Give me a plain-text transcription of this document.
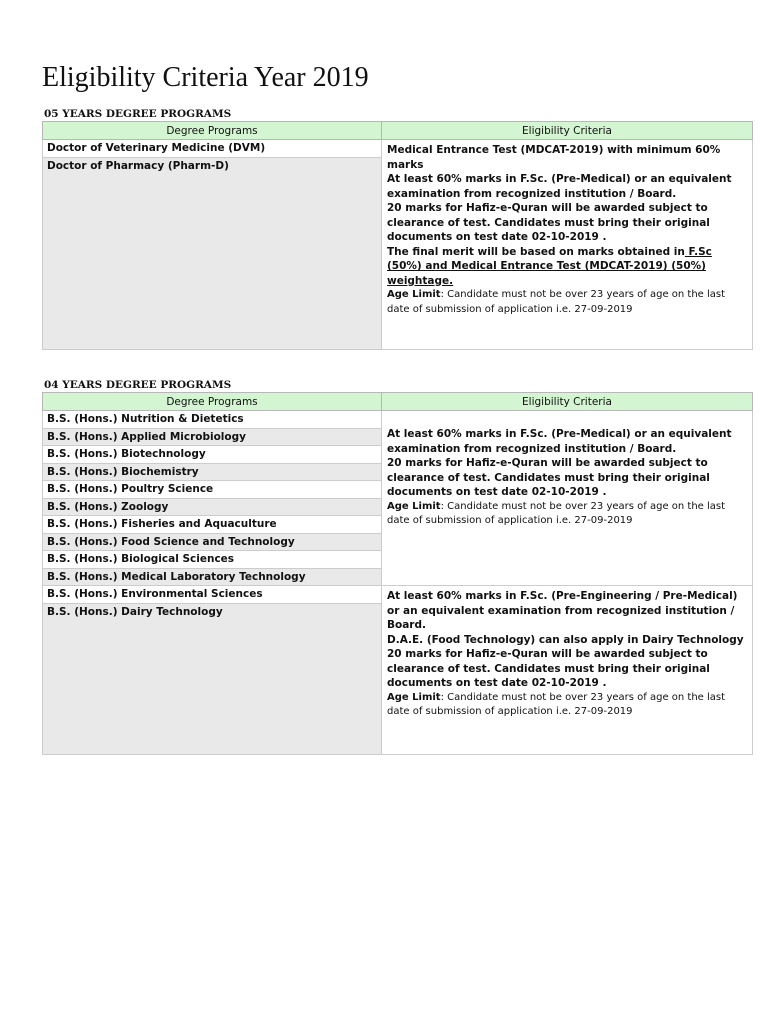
Eligibility Criteria Year 2019
05 YEARS DEGREE PROGRAMS
Degree Programs	Eligibility Criteria
Doctor of Veterinary Medicine (DVM)	Medical Entrance Test (MDCAT-2019) with minimum 60% marks
At least 60% marks in F.Sc. (Pre-Medical) or an equivalent examination from recognized institution / Board.
20 marks for Hafiz-e-Quran will be awarded subject to clearance of test. Candidates must bring their original documents on test date 02-10-2019 .
The final merit will be based on marks obtained in F.Sc (50%) and Medical Entrance Test (MDCAT-2019) (50%) weightage.
Age Limit: Candidate must not be over 23 years of age on the last date of submission of application i.e. 27-09-2019

Doctor of Pharmacy (Pharm-D)	

04 YEARS DEGREE PROGRAMS
Degree Programs	Eligibility Criteria
B.S. (Hons.) Nutrition & Dietetics	At least 60% marks in F.Sc. (Pre-Medical) or an equivalent examination from recognized institution / Board.
20 marks for Hafiz-e-Quran will be awarded subject to clearance of test. Candidates must bring their original documents on test date 02-10-2019 .
Age Limit: Candidate must not be over 23 years of age on the last date of submission of application i.e. 27-09-2019

B.S. (Hons.) Applied Microbiology	
B.S. (Hons.) Biotechnology	
B.S. (Hons.) Biochemistry	
B.S. (Hons.) Poultry Science	
B.S. (Hons.) Zoology	
B.S. (Hons.) Fisheries and Aquaculture	
B.S. (Hons.) Food Science and Technology	
B.S. (Hons.) Biological Sciences	
B.S. (Hons.) Medical Laboratory Technology	
B.S. (Hons.) Environmental Sciences	At least 60% marks in F.Sc. (Pre-Engineering / Pre-Medical) or an equivalent examination from recognized institution / Board.
D.A.E. (Food Technology) can also apply in Dairy Technology
20 marks for Hafiz-e-Quran will be awarded subject to clearance of test. Candidates must bring their original documents on test date 02-10-2019 .
Age Limit: Candidate must not be over 23 years of age on the last date of submission of application i.e. 27-09-2019

B.S. (Hons.) Dairy Technology	
